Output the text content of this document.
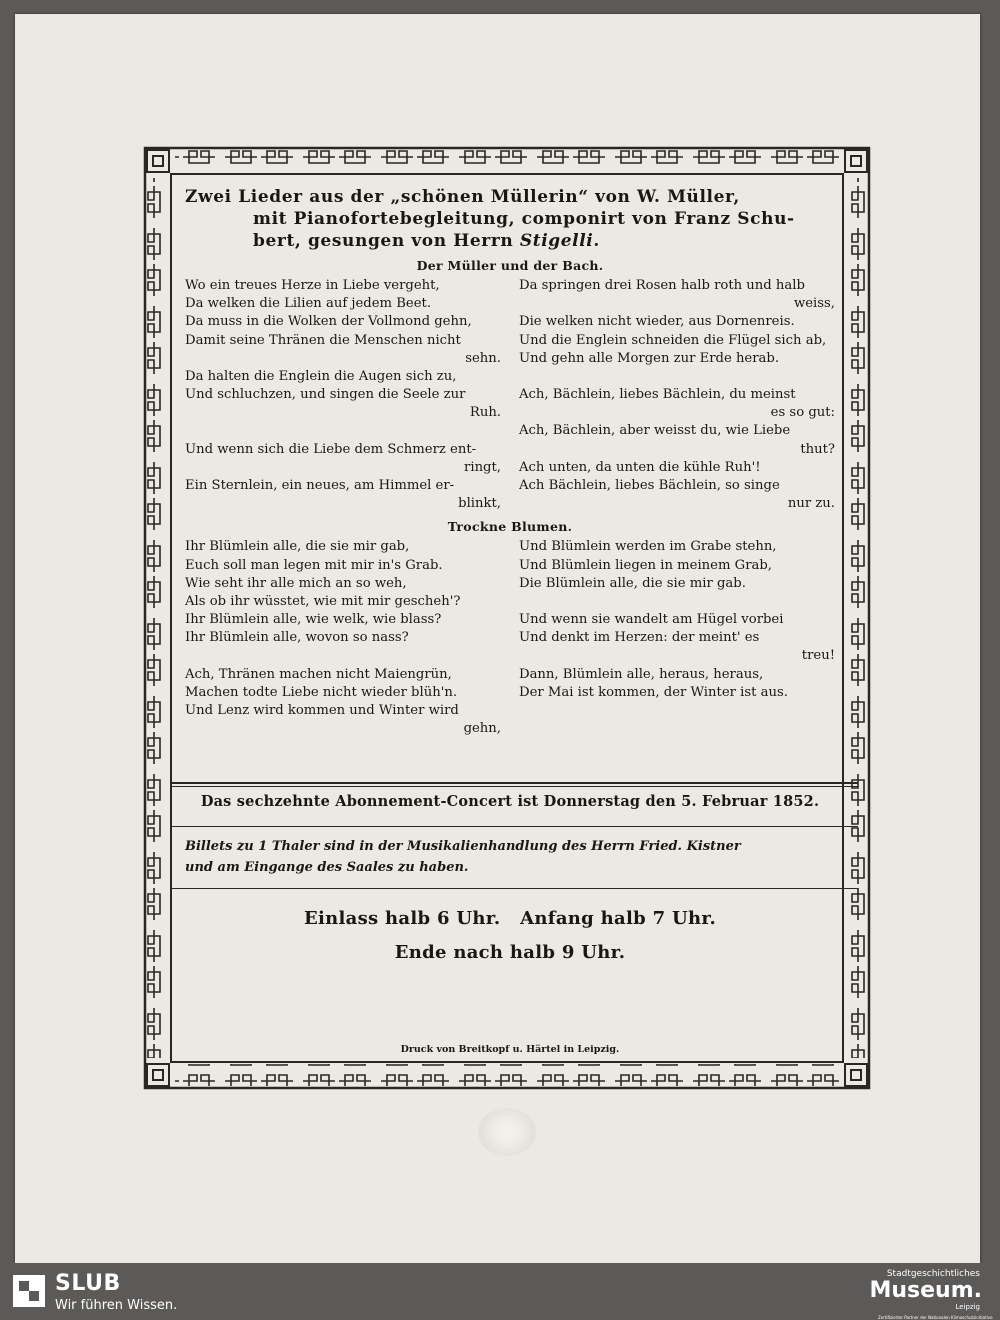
Zwei Lieder aus der „schönen Müllerin“ von W. Müller,
mit Pianofortebegleitung, componirt von Franz Schu-
bert, gesungen von Herrn Stigelli.
Der Müller und der Bach.
Wo ein treues Herze in Liebe vergeht,
Da welken die Lilien auf jedem Beet.
Da muss in die Wolken der Vollmond gehn,
Damit seine Thränen die Menschen nicht
sehn.
Da halten die Englein die Augen sich zu,
Und schluchzen, und singen die Seele zur
Ruh.
Und wenn sich die Liebe dem Schmerz ent-
ringt,
Ein Sternlein, ein neues, am Himmel er-
blinkt,
Da springen drei Rosen halb roth und halb
weiss,
Die welken nicht wieder, aus Dornenreis.
Und die Englein schneiden die Flügel sich ab,
Und gehn alle Morgen zur Erde herab.
Ach, Bächlein, liebes Bächlein, du meinst
es so gut:
Ach, Bächlein, aber weisst du, wie Liebe
thut?
Ach unten, da unten die kühle Ruh'!
Ach Bächlein, liebes Bächlein, so singe
nur zu.
Trockne Blumen.
Ihr Blümlein alle, die sie mir gab,
Euch soll man legen mit mir in's Grab.
Wie seht ihr alle mich an so weh,
Als ob ihr wüsstet, wie mit mir gescheh'?
Ihr Blümlein alle, wie welk, wie blass?
Ihr Blümlein alle, wovon so nass?
Ach, Thränen machen nicht Maiengrün,
Machen todte Liebe nicht wieder blüh'n.
Und Lenz wird kommen und Winter wird
gehn,
Und Blümlein werden im Grabe stehn,
Und Blümlein liegen in meinem Grab,
Die Blümlein alle, die sie mir gab.
Und wenn sie wandelt am Hügel vorbei
Und denkt im Herzen: der meint' es
treu!
Dann, Blümlein alle, heraus, heraus,
Der Mai ist kommen, der Winter ist aus.
Das sechzehnte Abonnement-Concert ist Donnerstag den 5. Februar 1852.
Billets zu 1 Thaler sind in der Musikalienhandlung des Herrn Fried. Kistner
und am Eingange des Saales zu haben.
Einlass halb 6 Uhr.   Anfang halb 7 Uhr.
Ende nach halb 9 Uhr.
Druck von Breitkopf u. Härtel in Leipzig.
SLUB
Wir führen Wissen.
Stadtgeschichtliches
Museum.
Leipzig
Zertifizierter Partner der Nationalen Klimaschutzinitiative
